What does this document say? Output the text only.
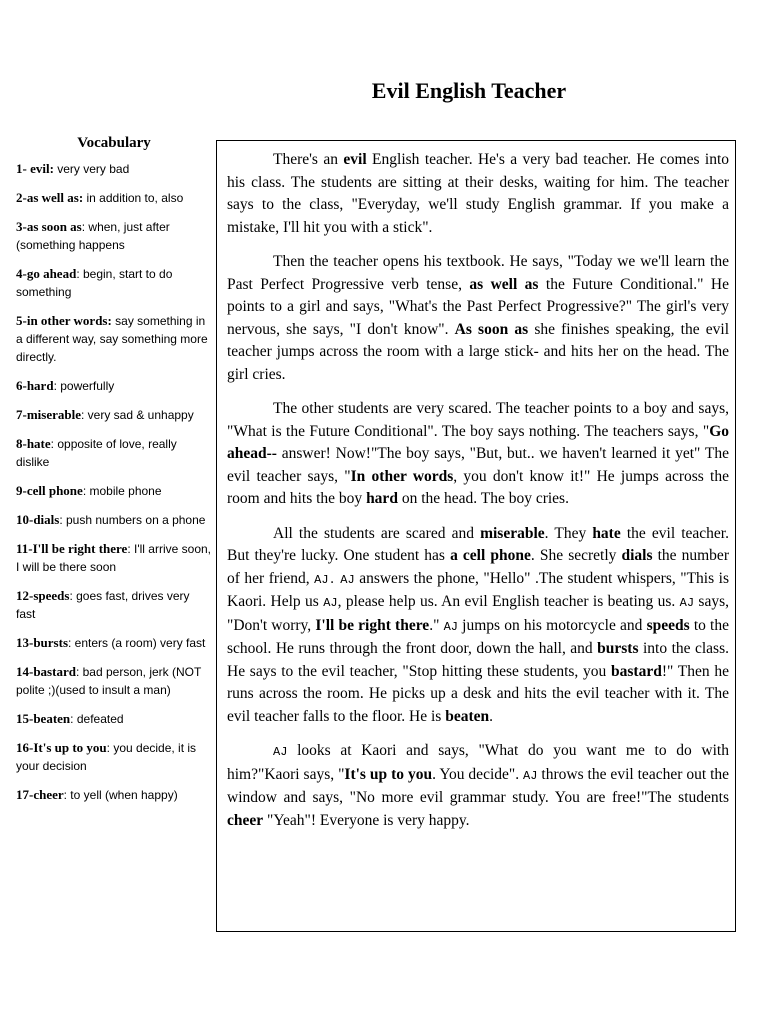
Evil English Teacher
Vocabulary
1- evil: very very bad
2-as well as: in addition to, also
3-as soon as: when, just after (something happens
4-go ahead: begin, start to do something
5-in other words: say something in a different way, say something more directly.
6-hard: powerfully
7-miserable: very sad & unhappy
8-hate: opposite of love, really dislike
9-cell phone: mobile phone
10-dials: push numbers on a phone
11-I'll be right there: I'll arrive soon, I will be there soon
12-speeds: goes fast, drives very fast
13-bursts: enters (a room) very fast
14-bastard: bad person, jerk (NOT polite ;)(used to insult a man)
15-beaten: defeated
16-It's up to you: you decide, it is your decision
17-cheer: to yell (when happy)

There's an evil English teacher. He's a very bad teacher. He comes into his class. The students are sitting at their desks, waiting for him. The teacher says to the class, "Everyday, we'll study English grammar. If you make a mistake, I'll hit you with a stick".

Then the teacher opens his textbook. He says, "Today we we'll learn the Past Perfect Progressive verb tense, as well as the Future Conditional." He points to a girl and says, "What's the Past Perfect Progressive?" The girl's very nervous, she says, "I don't know". As soon as she finishes speaking, the evil teacher jumps across the room with a large stick- and hits her on the head. The girl cries.

The other students are very scared. The teacher points to a boy and says, "What is the Future Conditional". The boy says nothing. The teachers says, "Go ahead-- answer! Now!"The boy says, "But, but.. we haven't learned it yet" The evil teacher says, "In other words, you don't know it!" He jumps across the room and hits the boy hard on the head. The boy cries.

All the students are scared and miserable. They hate the evil teacher. But they're lucky. One student has a cell phone. She secretly dials the number of her friend, AJ. AJ answers the phone, "Hello" .The student whispers, "This is Kaori. Help us AJ, please help us. An evil English teacher is beating us. AJ says, "Don't worry, I'll be right there." AJ jumps on his motorcycle and speeds to the school. He runs through the front door, down the hall, and bursts into the class. He says to the evil teacher, "Stop hitting these students, you bastard!" Then he runs across the room. He picks up a desk and hits the evil teacher with it. The evil teacher falls to the floor. He is beaten.

AJ looks at Kaori and says, "What do you want me to do with him?"Kaori says, "It's up to you. You decide". AJ throws the evil teacher out the window and says, "No more evil grammar study. You are free!"The students cheer "Yeah"! Everyone is very happy.
